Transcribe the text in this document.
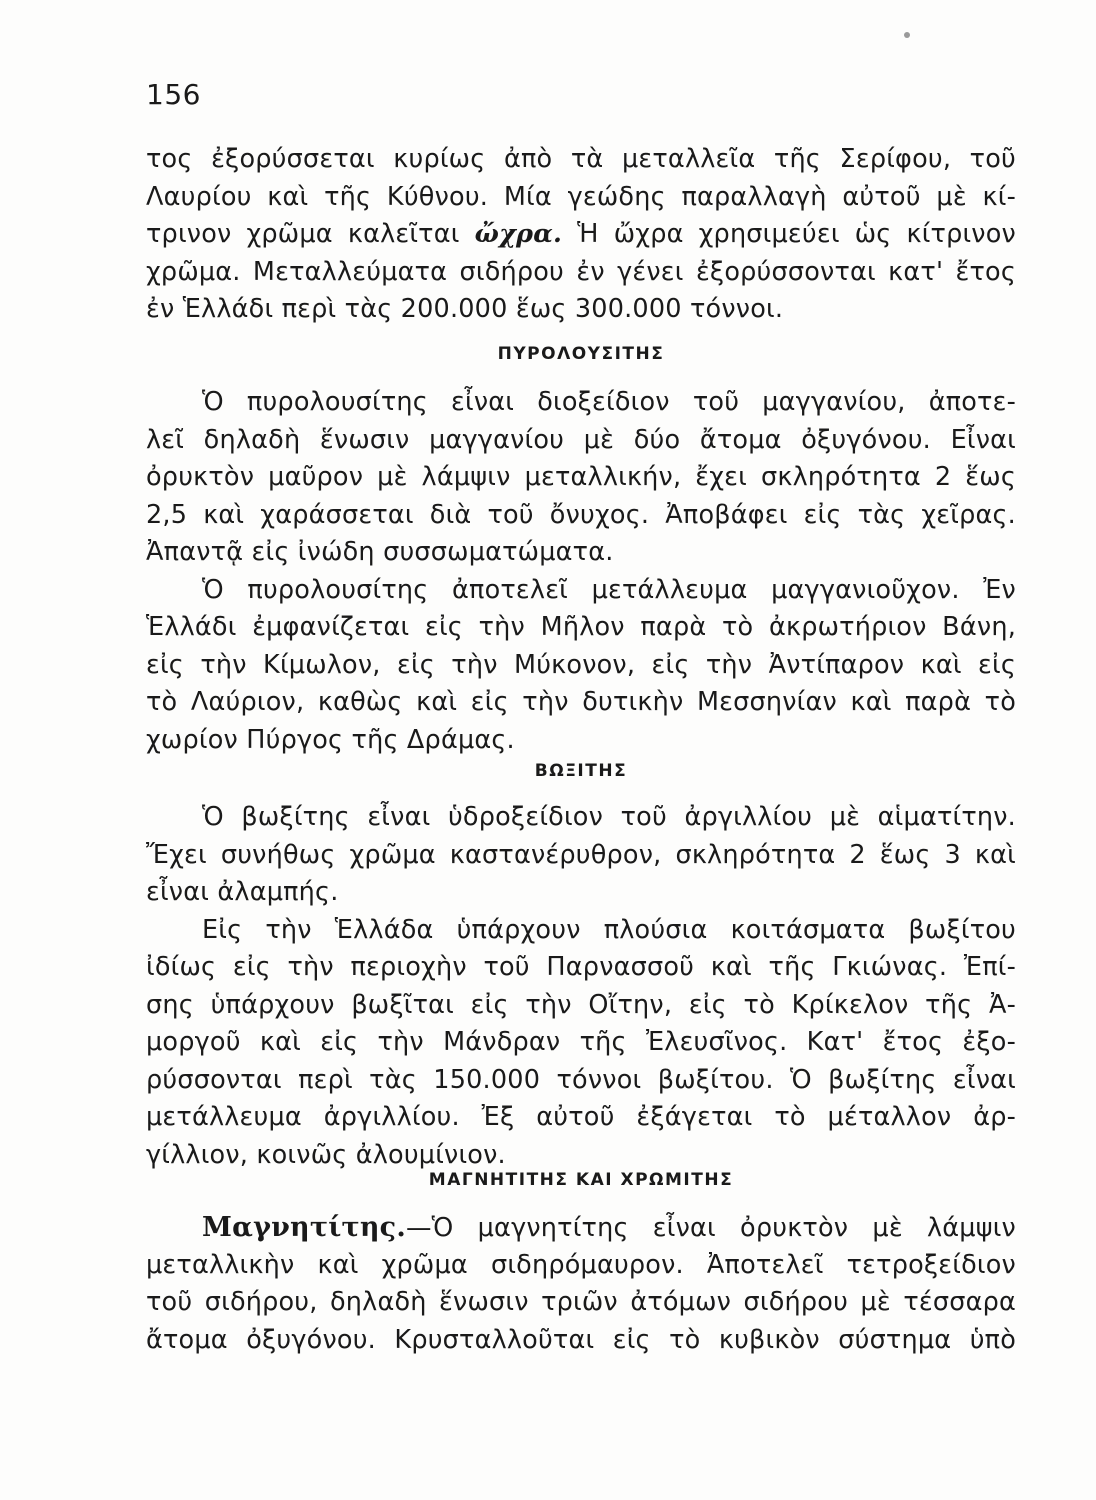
156
τος ἐξορύσσεται κυρίως ἀπὸ τὰ μεταλλεῖα τῆς Σερίφου, τοῦ
Λαυρίου καὶ τῆς Κύθνου. Μία γεώδης παραλλαγὴ αὐτοῦ μὲ κί-
τρινον χρῶμα καλεῖται ὤχρα. Ἡ ὤχρα χρησιμεύει ὡς κίτρινον
χρῶμα. Μεταλλεύματα σιδήρου ἐν γένει ἐξορύσσονται κατ' ἔτος
ἐν Ἑλλάδι περὶ τὰς 200.000 ἕως 300.000 τόννοι.
ΠΥΡΟΛΟΥΣΙΤΗΣ
Ὁ πυρολουσίτης εἶναι διοξείδιον τοῦ μαγγανίου, ἀποτε-
λεῖ δηλαδὴ ἕνωσιν μαγγανίου μὲ δύο ἄτομα ὀξυγόνου. Εἶναι
ὀρυκτὸν μαῦρον μὲ λάμψιν μεταλλικήν, ἔχει σκληρότητα 2 ἕως
2,5 καὶ χαράσσεται διὰ τοῦ ὄνυχος. Ἀποβάφει εἰς τὰς χεῖρας.
Ἀπαντᾷ εἰς ἰνώδη συσσωματώματα.
Ὁ πυρολουσίτης ἀποτελεῖ μετάλλευμα μαγγανιοῦχον. Ἐν
Ἑλλάδι ἐμφανίζεται εἰς τὴν Μῆλον παρὰ τὸ ἀκρωτήριον Βάνη,
εἰς τὴν Κίμωλον, εἰς τὴν Μύκονον, εἰς τὴν Ἀντίπαρον καὶ εἰς
τὸ Λαύριον, καθὼς καὶ εἰς τὴν δυτικὴν Μεσσηνίαν καὶ παρὰ τὸ
χωρίον Πύργος τῆς Δράμας.
ΒΩΞΙΤΗΣ
Ὁ βωξίτης εἶναι ὑδροξείδιον τοῦ ἀργιλλίου μὲ αἱματίτην.
Ἔχει συνήθως χρῶμα καστανέρυθρον, σκληρότητα 2 ἕως 3 καὶ
εἶναι ἀλαμπής.
Εἰς τὴν Ἑλλάδα ὑπάρχουν πλούσια κοιτάσματα βωξίτου
ἰδίως εἰς τὴν περιοχὴν τοῦ Παρνασσοῦ καὶ τῆς Γκιώνας. Ἐπί-
σης ὑπάρχουν βωξῖται εἰς τὴν Οἴτην, εἰς τὸ Κρίκελον τῆς Ἀ-
μοργοῦ καὶ εἰς τὴν Μάνδραν τῆς Ἐλευσῖνος. Κατ' ἔτος ἐξο-
ρύσσονται περὶ τὰς 150.000 τόννοι βωξίτου. Ὁ βωξίτης εἶναι
μετάλλευμα ἀργιλλίου. Ἐξ αὐτοῦ ἐξάγεται τὸ μέταλλον ἀρ-
γίλλιον, κοινῶς ἀλουμίνιον.
ΜΑΓΝΗΤΙΤΗΣ ΚΑΙ ΧΡΩΜΙΤΗΣ
Μαγνητίτης.—Ὁ μαγνητίτης εἶναι ὀρυκτὸν μὲ λάμψιν
μεταλλικὴν καὶ χρῶμα σιδηρόμαυρον. Ἀποτελεῖ τετροξείδιον
τοῦ σιδήρου, δηλαδὴ ἕνωσιν τριῶν ἀτόμων σιδήρου μὲ τέσσαρα
ἄτομα ὀξυγόνου. Κρυσταλλοῦται εἰς τὸ κυβικὸν σύστημα ὑπὸ
